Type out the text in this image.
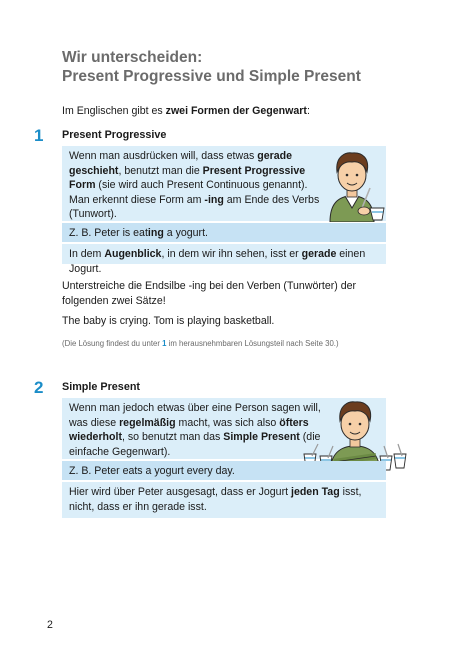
Wir unterscheiden:
Present Progressive und Simple Present
Im Englischen gibt es zwei Formen der Gegenwart:
1 Present Progressive
Wenn man ausdrücken will, dass etwas gerade geschieht, benutzt man die Present Progressive Form (sie wird auch Present Continuous genannt). Man erkennt diese Form am -ing am Ende des Verbs (Tunwort).
Z. B. Peter is eating a yogurt.
In dem Augenblick, in dem wir ihn sehen, isst er gerade einen Jogurt.
Unterstreiche die Endsilbe -ing bei den Verben (Tunwörter) der folgenden zwei Sätze!
The baby is crying. Tom is playing basketball.
(Die Lösung findest du unter 1 im herausnehmbaren Lösungsteil nach Seite 30.)
2 Simple Present
Wenn man jedoch etwas über eine Person sagen will, was diese regelmäßig macht, was sich also öfters wiederholt, so benutzt man das Simple Present (die einfache Gegenwart).
Z. B. Peter eats a yogurt every day.
Hier wird über Peter ausgesagt, dass er Jogurt jeden Tag isst, nicht, dass er ihn gerade isst.
2
